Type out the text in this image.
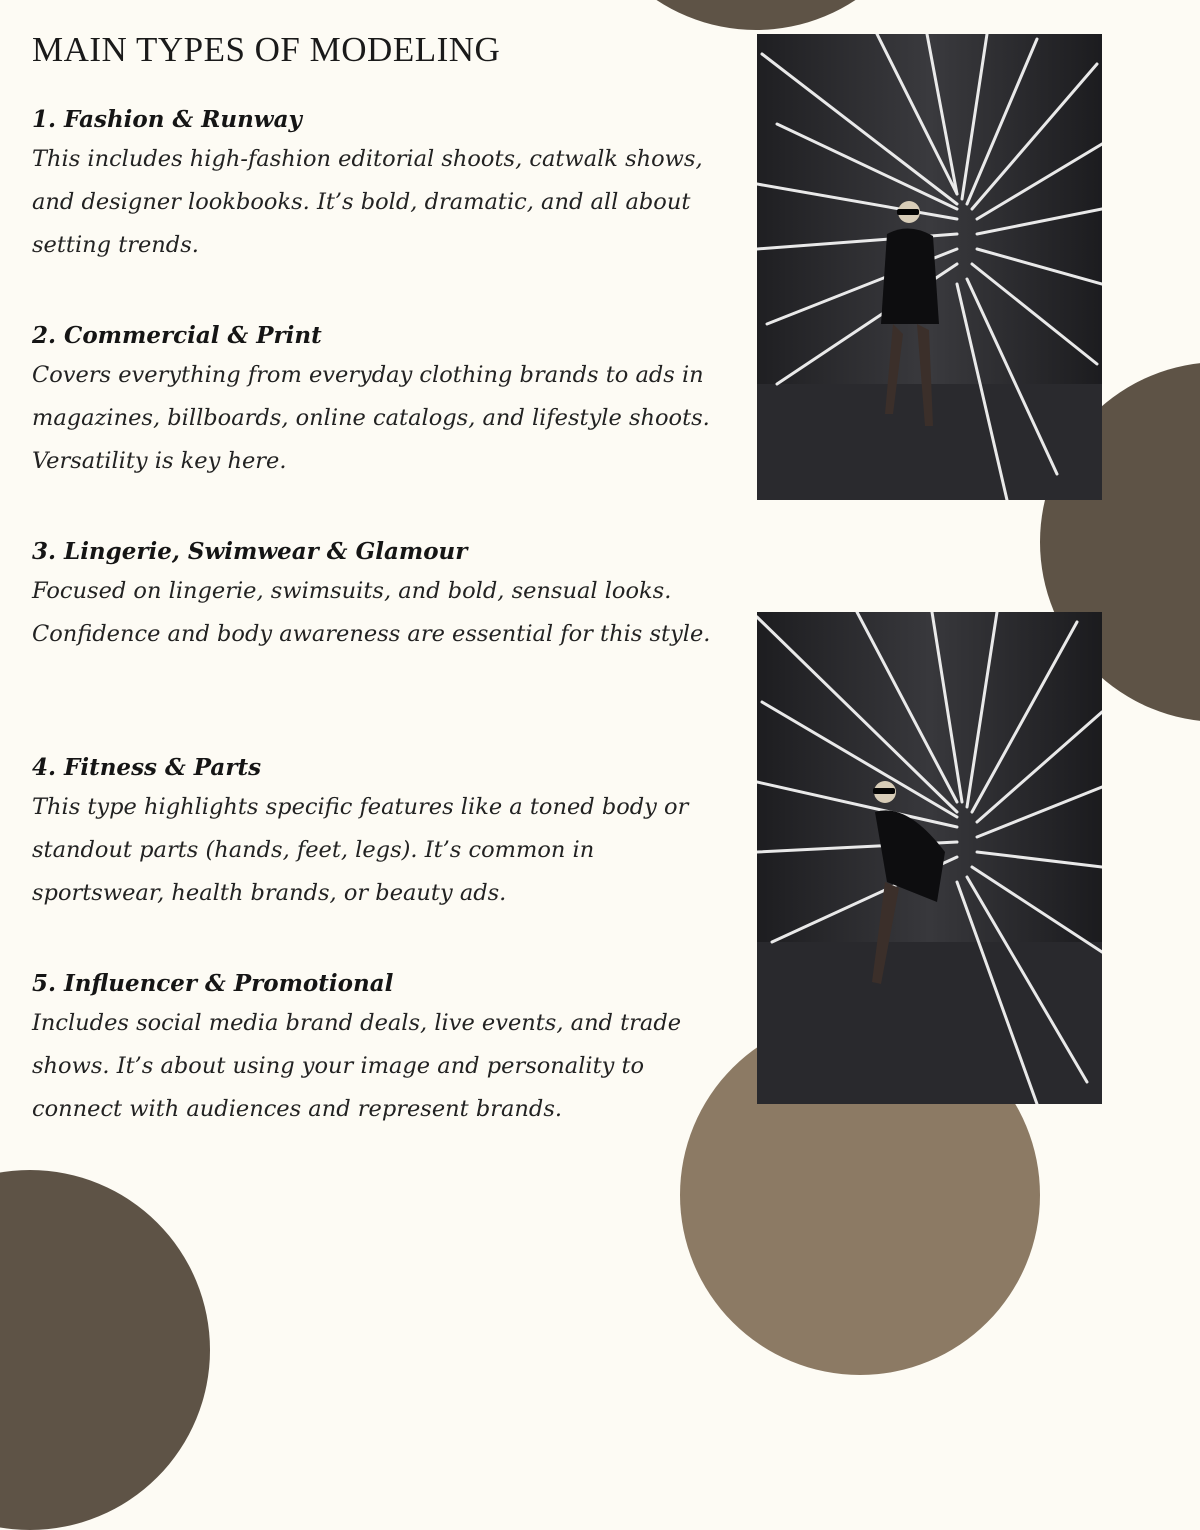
MAIN TYPES OF MODELING

1. Fashion & Runway

This includes high-fashion editorial shoots, catwalk shows, and designer lookbooks. It’s bold, dramatic, and all about setting trends.

2. Commercial & Print

Covers everything from everyday clothing brands to ads in magazines, billboards, online catalogs, and lifestyle shoots. Versatility is key here.

3. Lingerie, Swimwear & Glamour

Focused on lingerie, swimsuits, and bold, sensual looks. Confidence and body awareness are essential for this style.

4. Fitness & Parts

This type highlights specific features like a toned body or standout parts (hands, feet, legs). It’s common in sportswear, health brands, or beauty ads.

5. Influencer & Promotional

Includes social media brand deals, live events, and trade shows. It’s about using your image and personality to connect with audiences and represent brands.
